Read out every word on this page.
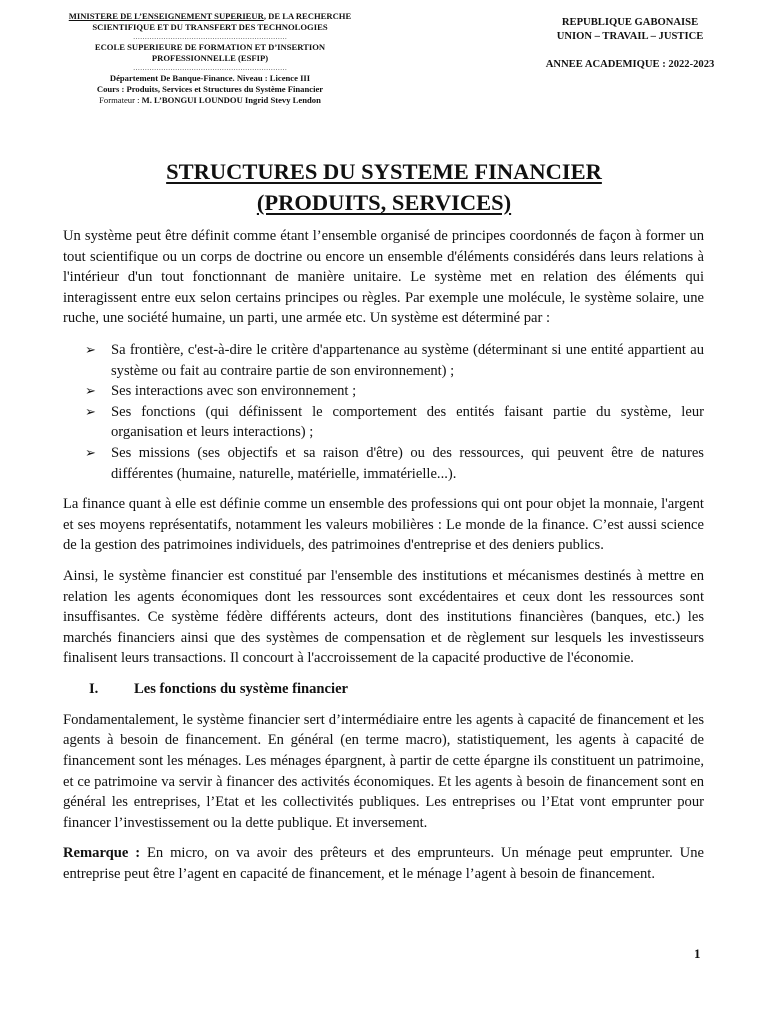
MINISTERE DE L’ENSEIGNEMENT SUPERIEUR, DE LA RECHERCHE
SCIENTIFIQUE ET DU TRANSFERT DES TECHNOLOGIES
…………………………………………………………
ECOLE SUPERIEURE DE FORMATION ET D’INSERTION
PROFESSIONNELLE (ESFIP)
…………………………………………………………
Département De Banque-Finance. Niveau : Licence III
Cours : Produits, Services et Structures du Système Financier
Formateur : M. L’BONGUI LOUNDOU Ingrid Stevy Lendon
REPUBLIQUE GABONAISE
UNION – TRAVAIL – JUSTICE
ANNEE ACADEMIQUE : 2022-2023
STRUCTURES DU SYSTEME FINANCIER
(PRODUITS, SERVICES)

Un système peut être définit comme étant l’ensemble organisé de principes coordonnés de façon à former un tout scientifique ou un corps de doctrine ou encore un ensemble d'éléments considérés dans leurs relations à l'intérieur d'un tout fonctionnant de manière unitaire. Le système met en relation des éléments qui interagissent entre eux selon certains principes ou règles. Par exemple une molécule, le système solaire, une ruche, une société humaine, un parti, une armée etc. Un système est déterminé par :

➢ Sa frontière, c'est-à-dire le critère d'appartenance au système (déterminant si une entité appartient au système ou fait au contraire partie de son environnement) ;
➢ Ses interactions avec son environnement ;
➢ Ses fonctions (qui définissent le comportement des entités faisant partie du système, leur organisation et leurs interactions) ;
➢ Ses missions (ses objectifs et sa raison d'être) ou des ressources, qui peuvent être de natures différentes (humaine, naturelle, matérielle, immatérielle...).

La finance quant à elle est définie comme un ensemble des professions qui ont pour objet la monnaie, l'argent et ses moyens représentatifs, notamment les valeurs mobilières : Le monde de la finance. C’est aussi science de la gestion des patrimoines individuels, des patrimoines d'entreprise et des deniers publics.

Ainsi, le système financier est constitué par l'ensemble des institutions et mécanismes destinés à mettre en relation les agents économiques dont les ressources sont excédentaires et ceux dont les ressources sont insuffisantes. Ce système fédère différents acteurs, dont des institutions financières (banques, etc.) les marchés financiers ainsi que des systèmes de compensation et de règlement sur lesquels les investisseurs finalisent leurs transactions. Il concourt à l'accroissement de la capacité productive de l'économie.

I. Les fonctions du système financier

Fondamentalement, le système financier sert d’intermédiaire entre les agents à capacité de financement et les agents à besoin de financement. En général (en terme macro), statistiquement, les agents à capacité de financement sont les ménages. Les ménages épargnent, à partir de cette épargne ils constituent un patrimoine, et ce patrimoine va servir à financer des activités économiques. Et les agents à besoin de financement sont en général les entreprises, l’Etat et les collectivités publiques. Les entreprises ou l’Etat vont emprunter pour financer l’investissement ou la dette publique. Et inversement.

Remarque : En micro, on va avoir des prêteurs et des emprunteurs. Un ménage peut emprunter. Une entreprise peut être l’agent en capacité de financement, et le ménage l’agent à besoin de financement.

1
